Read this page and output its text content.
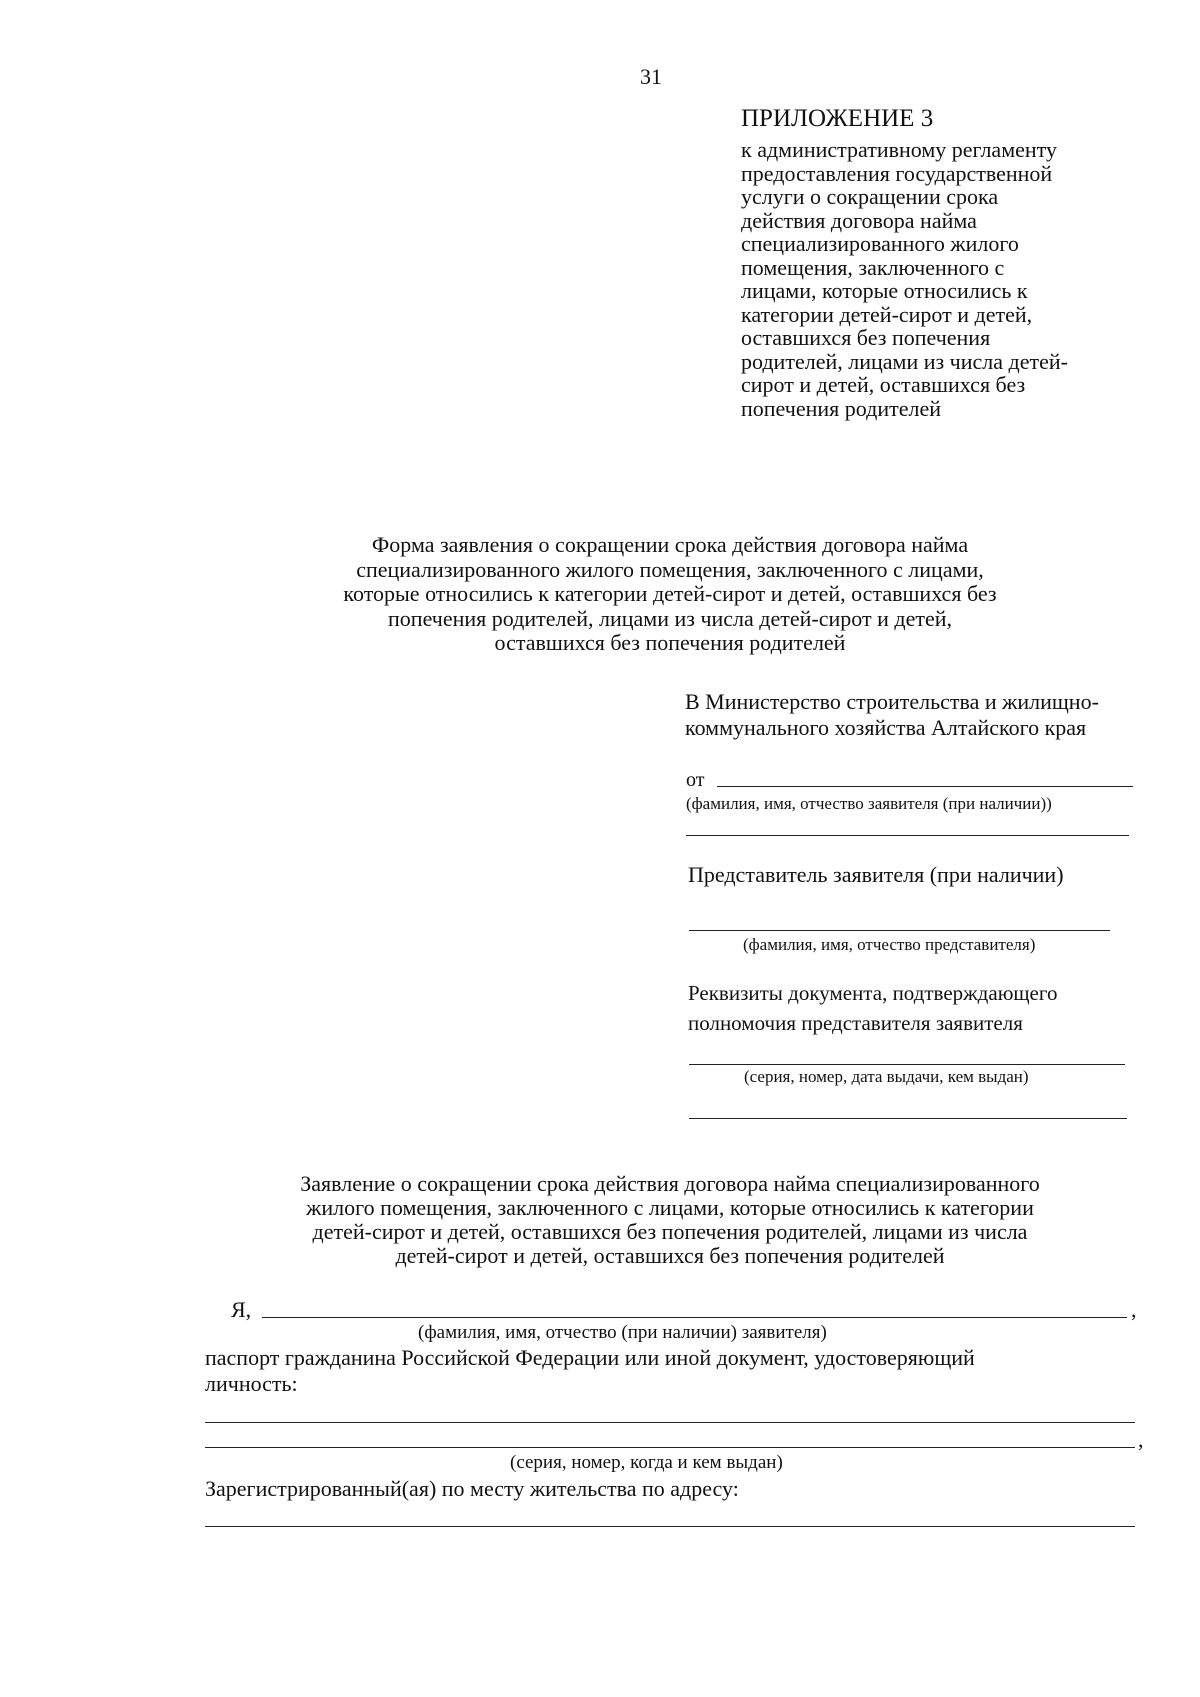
31
ПРИЛОЖЕНИЕ 3
к административному регламенту
предоставления государственной
услуги о сокращении срока
действия договора найма
специализированного жилого
помещения, заключенного с
лицами, которые относились к
категории детей-сирот и детей,
оставшихся без попечения
родителей, лицами из числа детей-
сирот и детей, оставшихся без
попечения родителей
Форма заявления о сокращении срока действия договора найма
специализированного жилого помещения, заключенного с лицами,
которые относились к категории детей-сирот и детей, оставшихся без
попечения родителей, лицами из числа детей-сирот и детей,
оставшихся без попечения родителей
В Министерство строительства и жилищно-
коммунального хозяйства Алтайского края
от
(фамилия, имя, отчество заявителя (при наличии))
Представитель заявителя (при наличии)
(фамилия, имя, отчество представителя)
Реквизиты документа, подтверждающего
полномочия представителя заявителя
(серия, номер, дата выдачи, кем выдан)
Заявление о сокращении срока действия договора найма специализированного
жилого помещения, заключенного с лицами, которые относились к категории
детей-сирот и детей, оставшихся без попечения родителей, лицами из числа
детей-сирот и детей, оставшихся без попечения родителей
Я,	,
(фамилия, имя, отчество (при наличии) заявителя)
паспорт гражданина Российской Федерации или иной документ, удостоверяющий
личность:
,
(серия, номер, когда и кем выдан)
Зарегистрированный(ая) по месту жительства по адресу:
